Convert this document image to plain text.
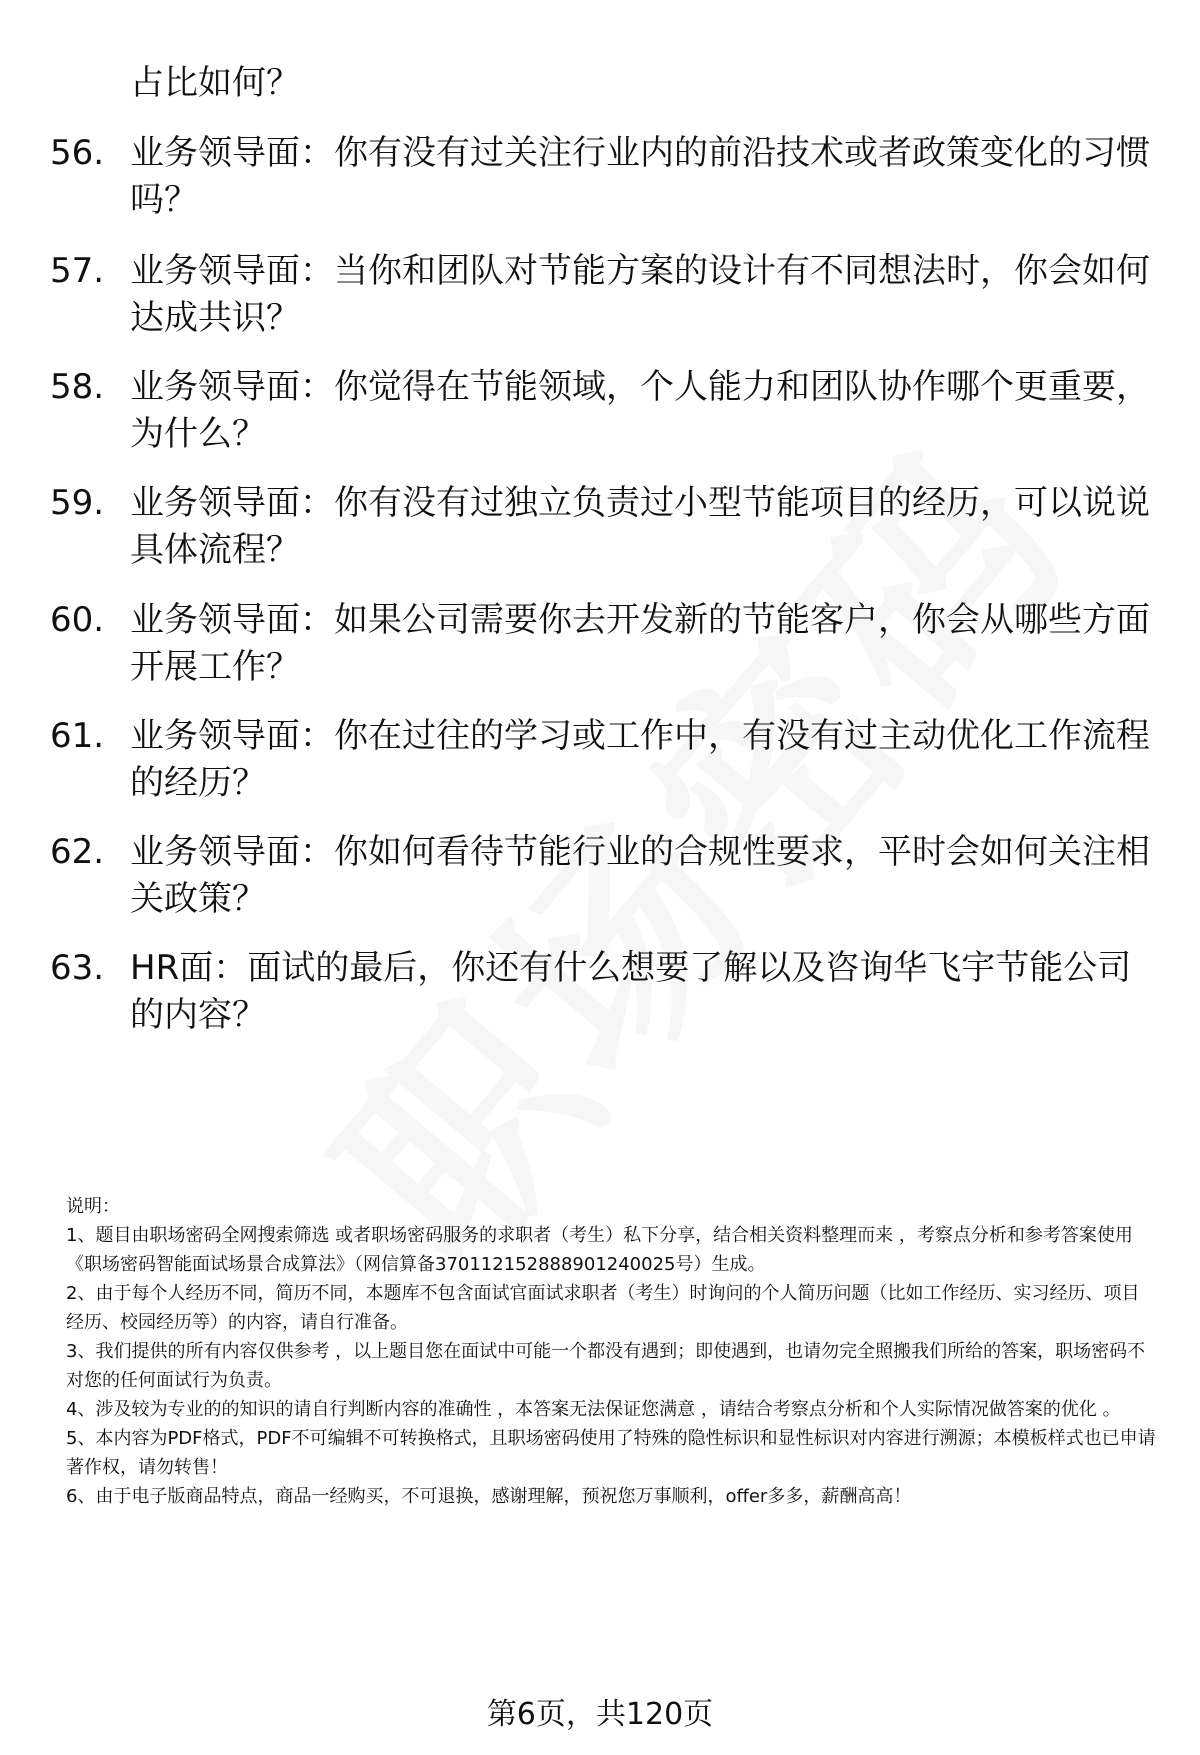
占比如何？
56. 业务领导面：你有没有过关注行业内的前沿技术或者政策变化的习惯吗？
57. 业务领导面：当你和团队对节能方案的设计有不同想法时，你会如何达成共识？
58. 业务领导面：你觉得在节能领域，个人能力和团队协作哪个更重要，为什么？
59. 业务领导面：你有没有过独立负责过小型节能项目的经历，可以说说具体流程？
60. 业务领导面：如果公司需要你去开发新的节能客户，你会从哪些方面开展工作？
61. 业务领导面：你在过往的学习或工作中，有没有过主动优化工作流程的经历？
62. 业务领导面：你如何看待节能行业的合规性要求，平时会如何关注相关政策？
63. HR面：面试的最后，你还有什么想要了解以及咨询华飞宇节能公司的内容？
说明：
1、题目由职场密码全网搜索筛选 或者职场密码服务的求职者（考生）私下分享，结合相关资料整理而来 ，考察点分析和参考答案使用《职场密码智能面试场景合成算法》（网信算备370112152888901240025号）生成。
2、由于每个人经历不同，简历不同，本题库不包含面试官面试求职者（考生）时询问的个人简历问题（比如工作经历、实习经历、项目经历、校园经历等）的内容，请自行准备。
3、我们提供的所有内容仅供参考 ，以上题目您在面试中可能一个都没有遇到；即使遇到，也请勿完全照搬我们所给的答案，职场密码不对您的任何面试行为负责。
4、涉及较为专业的的知识的请自行判断内容的准确性 ，本答案无法保证您满意 ，请结合考察点分析和个人实际情况做答案的优化 。
5、本内容为PDF格式，PDF不可编辑不可转换格式，且职场密码使用了特殊的隐性标识和显性标识对内容进行溯源；本模板样式也已申请著作权，请勿转售！
6、由于电子版商品特点，商品一经购买，不可退换，感谢理解，预祝您万事顺利，offer多多，薪酬高高！
第6页，共120页
